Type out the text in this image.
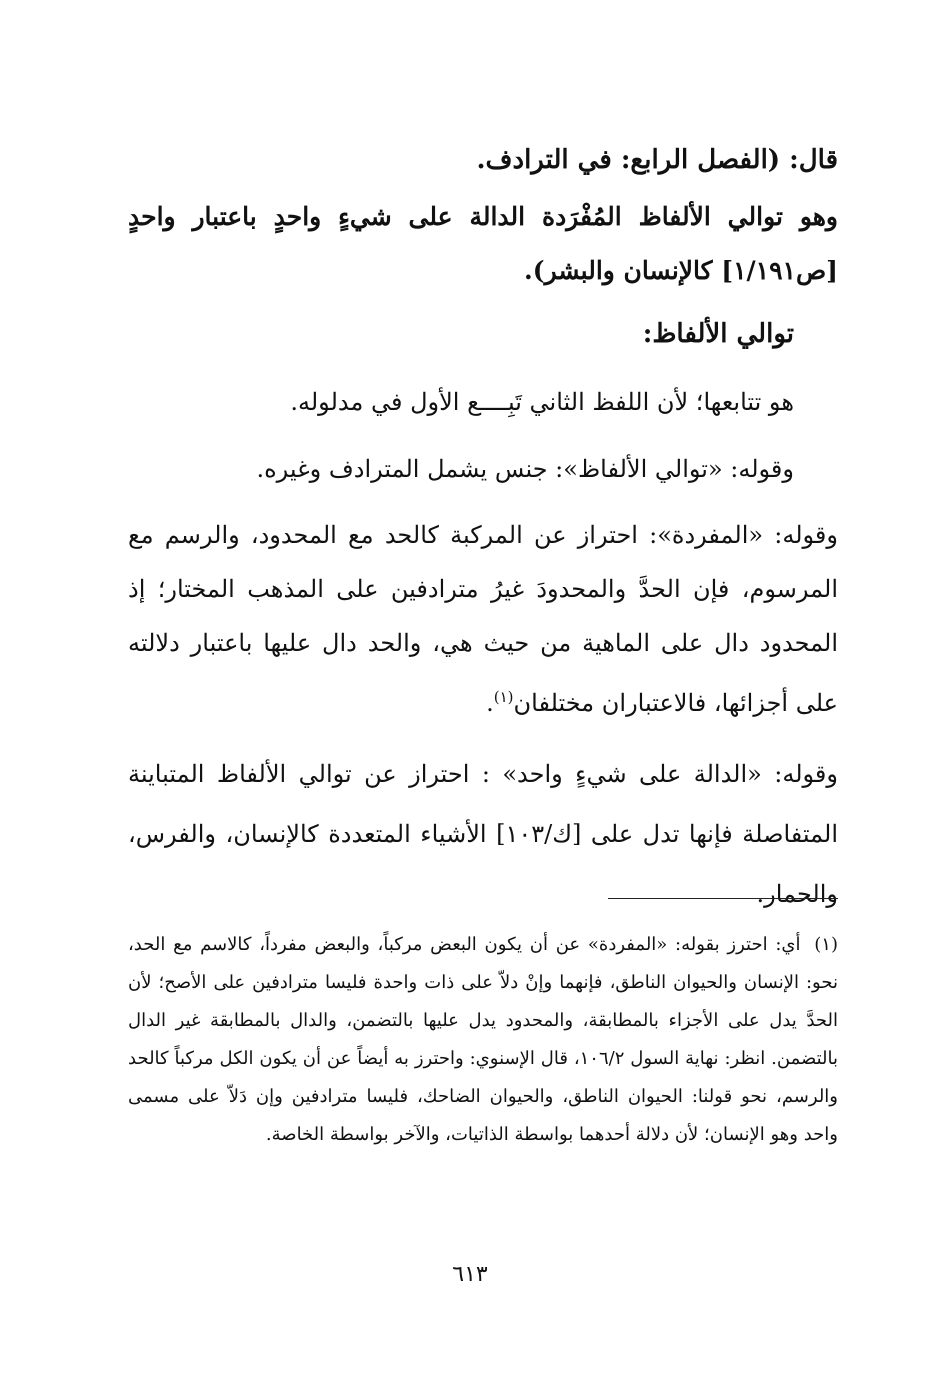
قال: (الفصل الرابع: في الترادف.
وهو توالي الألفاظ المُفْرَدة الدالة على شيءٍ واحدٍ باعتبار واحدٍ [ص١/١٩١] كالإنسان والبشر).
توالي الألفاظ:

هو تتابعها؛ لأن اللفظ الثاني تَبِــــع الأول في مدلوله.

وقوله: «توالي الألفاظ»: جنس يشمل المترادف وغيره.

وقوله: «المفردة»: احتراز عن المركبة كالحد مع المحدود، والرسم مع المرسوم، فإن الحدَّ والمحدودَ غيرُ مترادفين على المذهب المختار؛ إذ المحدود دال على الماهية من حيث هي، والحد دال عليها باعتبار دلالته على أجزائها، فالاعتباران مختلفان$^{(١)}$.

وقوله: «الدالة على شيءٍ واحد» : احتراز عن توالي الألفاظ المتباينة المتفاصلة فإنها تدل على [ك/١٠٣] الأشياء المتعددة كالإنسان، والفرس، والحمار.

(١) أي: احترز بقوله: «المفردة» عن أن يكون البعض مركباً، والبعض مفرداً، كالاسم مع الحد، نحو: الإنسان والحيوان الناطق، فإنهما وإنْ دلاّ على ذات واحدة فليسا مترادفين على الأصح؛ لأن الحدَّ يدل على الأجزاء بالمطابقة، والمحدود يدل عليها بالتضمن، والدال بالمطابقة غير الدال بالتضمن. انظر: نهاية السول ١٠٦/٢، قال الإسنوي: واحترز به أيضاً عن أن يكون الكل مركباً كالحد والرسم، نحو قولنا: الحيوان الناطق، والحيوان الضاحك، فليسا مترادفين وإن دَلاّ على مسمى واحد وهو الإنسان؛ لأن دلالة أحدهما بواسطة الذاتيات، والآخر بواسطة الخاصة.
٦١٣
